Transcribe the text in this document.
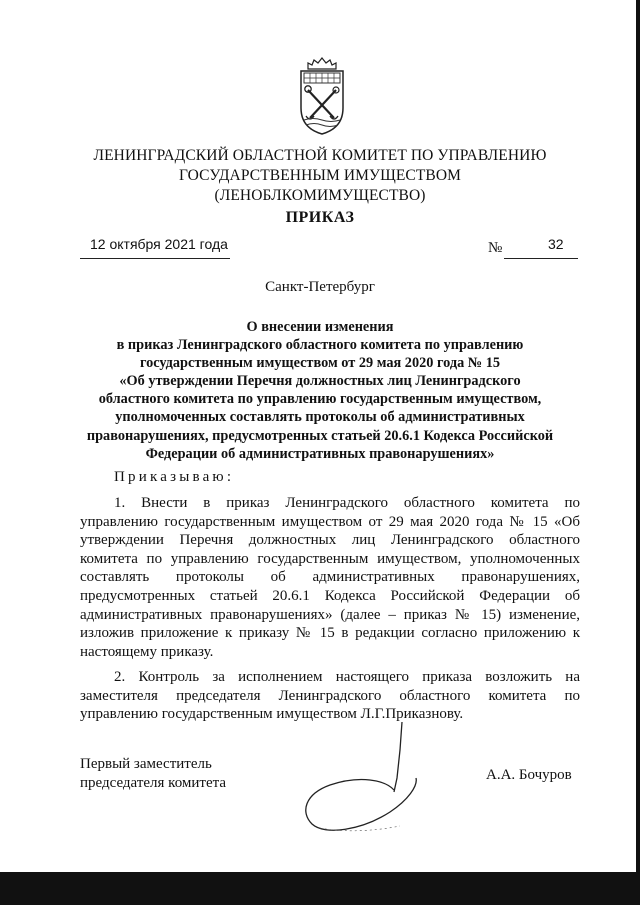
ЛЕНИНГРАДСКИЙ ОБЛАСТНОЙ КОМИТЕТ ПО УПРАВЛЕНИЮ
ГОСУДАРСТВЕННЫМ ИМУЩЕСТВОМ
(ЛЕНОБЛКОМИМУЩЕСТВО)
ПРИКАЗ
12 октября 2021 года	№	32
Санкт-Петербург
О внесении изменения
в приказ Ленинградского областного комитета по управлению
государственным имуществом от 29 мая 2020 года № 15
«Об утверждении Перечня должностных лиц Ленинградского
областного комитета по управлению государственным имуществом,
уполномоченных составлять протоколы об административных
правонарушениях, предусмотренных статьей 20.6.1 Кодекса Российской
Федерации об административных правонарушениях»
Приказываю:
1. Внести в приказ Ленинградского областного комитета по
управлению государственным имуществом от 29 мая 2020 года № 15 «Об
утверждении Перечня должностных лиц Ленинградского областного
комитета по управлению государственным имуществом, уполномоченных
составлять протоколы об административных правонарушениях,
предусмотренных статьей 20.6.1 Кодекса Российской Федерации об
административных правонарушениях» (далее – приказ № 15) изменение,
изложив приложение к приказу № 15 в редакции согласно приложению к
настоящему приказу.
2. Контроль за исполнением настоящего приказа возложить на
заместителя председателя Ленинградского областного комитета по
управлению государственным имуществом Л.Г.Приказнову.
Первый заместитель
председателя комитета	А.А. Бочуров
